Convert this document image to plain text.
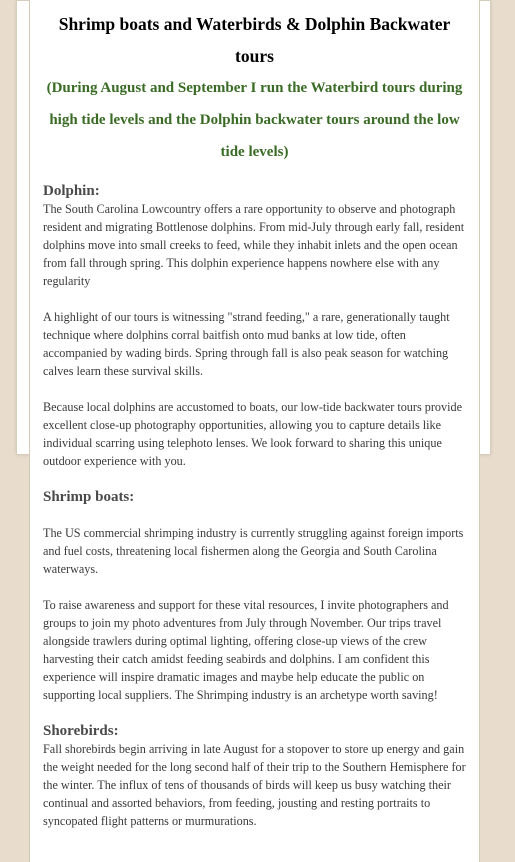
Shrimp boats and Waterbirds & Dolphin Backwater tours
(During August and September I run the Waterbird tours during high tide levels and the Dolphin backwater tours around the low tide levels)
Dolphin:

The South Carolina Lowcountry offers a rare opportunity to observe and photograph resident and migrating Bottlenose dolphins. From mid-July through early fall, resident dolphins move into small creeks to feed, while they inhabit inlets and the open ocean from fall through spring. This dolphin experience happens nowhere else with any regularity

A highlight of our tours is witnessing "strand feeding," a rare, generationally taught technique where dolphins corral baitfish onto mud banks at low tide, often accompanied by wading birds. Spring through fall is also peak season for watching calves learn these survival skills.

Because local dolphins are accustomed to boats, our low-tide backwater tours provide excellent close-up photography opportunities, allowing you to capture details like individual scarring using telephoto lenses. We look forward to sharing this unique outdoor experience with you.

Shrimp boats:

The US commercial shrimping industry is currently struggling against foreign imports and fuel costs, threatening local fishermen along the Georgia and South Carolina waterways.

To raise awareness and support for these vital resources, I invite photographers and groups to join my photo adventures from July through November. Our trips travel alongside trawlers during optimal lighting, offering close-up views of the crew harvesting their catch amidst feeding seabirds and dolphins. I am confident this experience will inspire dramatic images and maybe help educate the public on supporting local suppliers. The Shrimping industry is an archetype worth saving!

Shorebirds:

Fall shorebirds begin arriving in late August for a stopover to store up energy and gain the weight needed for the long second half of their trip to the Southern Hemisphere for the winter. The influx of tens of thousands of birds will keep us busy watching their continual and assorted behaviors, from feeding, jousting and resting portraits to syncopated flight patterns or murmurations.
